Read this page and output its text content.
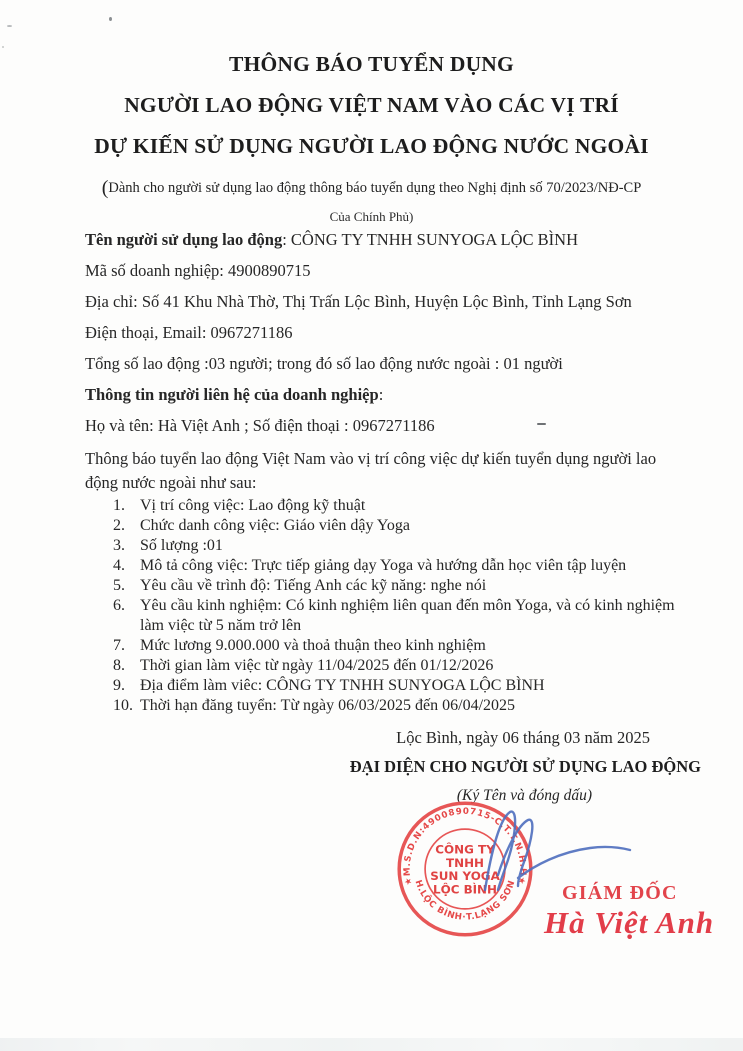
THÔNG BÁO TUYỂN DỤNG
NGƯỜI LAO ĐỘNG VIỆT NAM VÀO CÁC VỊ TRÍ
DỰ KIẾN SỬ DỤNG NGƯỜI LAO ĐỘNG NƯỚC NGOÀI
(Dành cho người sử dụng lao động thông báo tuyển dụng theo Nghị định số 70/2023/NĐ-CP
Của Chính Phủ)

Tên người sử dụng lao động: CÔNG TY TNHH SUNYOGA LỘC BÌNH

Mã số doanh nghiệp: 4900890715

Địa chỉ: Số 41 Khu Nhà Thờ, Thị Trấn Lộc Bình, Huyện Lộc Bình, Tỉnh Lạng Sơn

Điện thoại, Email: 0967271186

Tổng số lao động :03 người; trong đó số lao động nước ngoài : 01 người

Thông tin người liên hệ của doanh nghiệp:

Họ và tên: Hà Việt Anh ; Số điện thoại : 0967271186

Thông báo tuyển lao động Việt Nam vào vị trí công việc dự kiến tuyển dụng người lao động nước ngoài như sau:

1. Vị trí công việc: Lao động kỹ thuật
2. Chức danh công việc: Giáo viên dậy Yoga
3. Số lượng :01
4. Mô tả công việc: Trực tiếp giảng dạy Yoga và hướng dẫn học viên tập luyện
5. Yêu cầu về trình độ: Tiếng Anh các kỹ năng: nghe nói
6. Yêu cầu kinh nghiệm: Có kinh nghiệm liên quan đến môn Yoga, và có kinh nghiệm làm việc từ 5 năm trở lên
7. Mức lương 9.000.000 và thoả thuận theo kinh nghiệm
8. Thời gian làm việc từ ngày 11/04/2025 đến 01/12/2026
9. Địa điểm làm viêc: CÔNG TY TNHH SUNYOGA LỘC BÌNH
10. Thời hạn đăng tuyển: Từ ngày 06/03/2025 đến 06/04/2025
Lộc Bình, ngày 06 tháng 03 năm 2025
ĐẠI DIỆN CHO NGƯỜI SỬ DỤNG LAO ĐỘNG
(Ký Tên và đóng dấu)
★M.S.D.N:4900890715-C.T.T.N.H.H★
H.LỘC BÌNH·T.LẠNG SƠN
CÔNG TY
TNHH
SUN YOGA
LỘC BÌNH	GIÁM ĐỐC
Hà Việt Anh
